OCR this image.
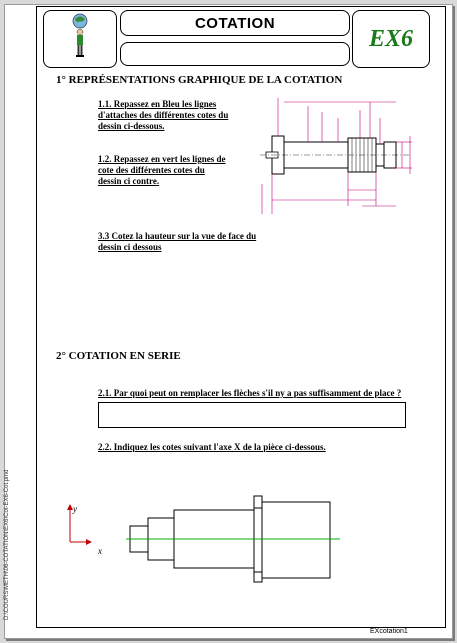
COTATION
EX6
1° REPRÉSENTATIONS GRAPHIQUE DE LA COTATION
1.1. Repassez en Bleu les lignes
d'attaches des différentes cotes du
dessin ci-dessous.
1.2. Repassez en vert les lignes de
cote des différentes cotes du
dessin ci contre.
3.3 Cotez la hauteur sur la vue de face du
dessin ci dessous
2° COTATION EN SERIE
2.1. Par quoi peut on remplacer les flèches s'il ny a pas suffisamment de place ?
2.2. Indiquez les cotes suivant l'axe X de la pièce ci-dessous.
y
x
EXcotation1
D:\COURS\METH\06-COTATION\EX6\Cot-EX6-Cot.pmd
